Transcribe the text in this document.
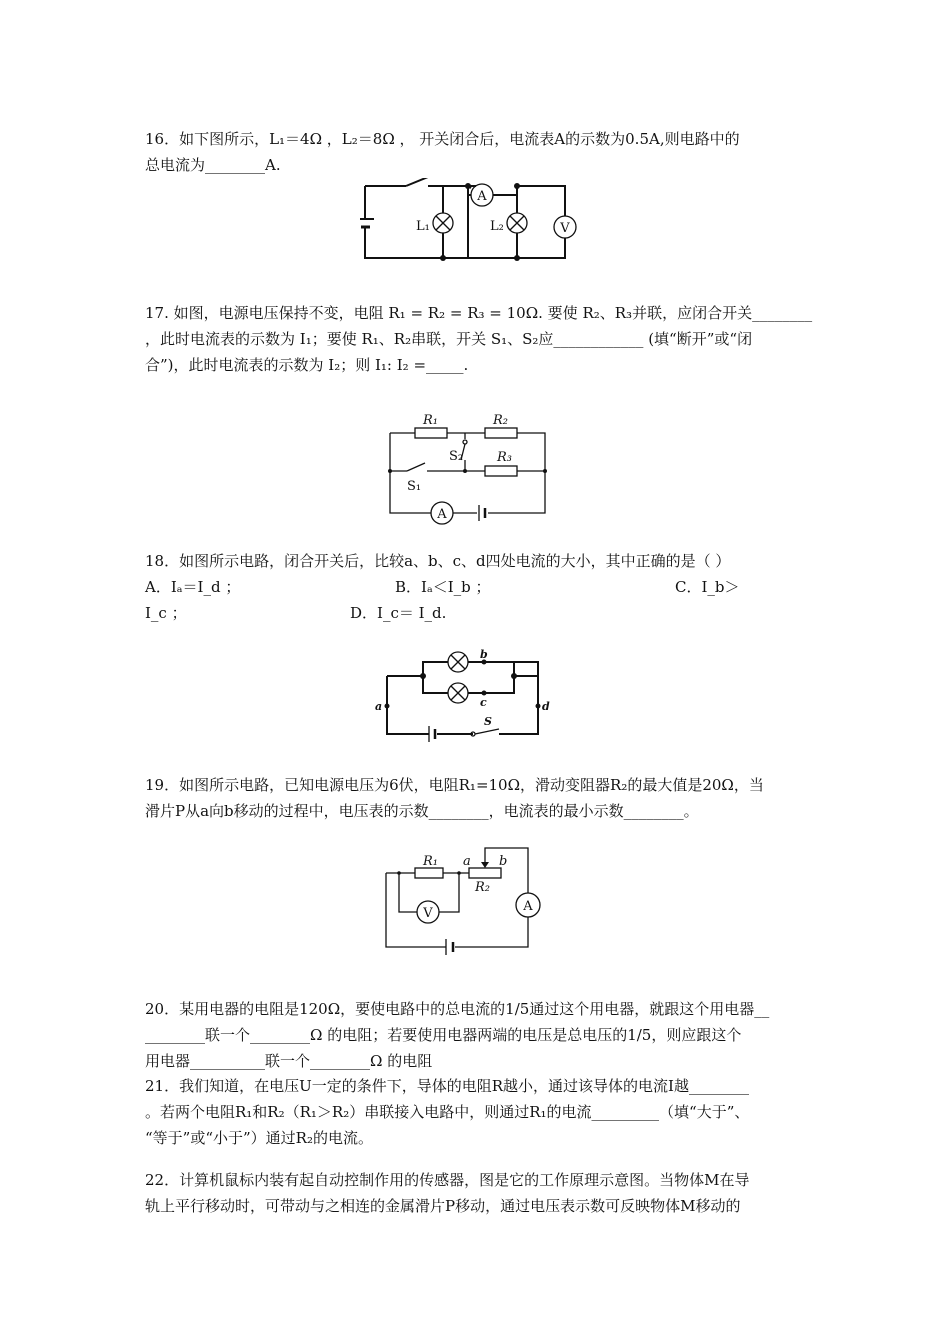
16．如下图所示，L₁＝4Ω ，L₂＝8Ω ， 开关闭合后，电流表A的示数为0.5A,则电路中的

总电流为________A.

A
L₁	L₂	V

17. 如图，电源电压保持不变，电阻 R₁ = R₂ = R₃ = 10Ω. 要使 R₂、R₃并联，应闭合开关________

，此时电流表的示数为 I₁；要使 R₁、R₂串联，开关 S₁、S₂应____________ (填“断开”或“闭

合”)，此时电流表的示数为 I₂；则 I₁: I₂ =_____.

R₁	R₂
S₂	R₃
S₁
A

18．如图所示电路，闭合开关后，比较a、b、c、d四处电流的大小，其中正确的是（ ）

A．Iₐ＝I_d ；	B．Iₐ＜I_b ；	C．I_b＞

I_c ；	D．I_c＝ I_d.

b
c
a	d
S

19．如图所示电路，已知电源电压为6伏，电阻R₁=10Ω，滑动变阻器R₂的最大值是20Ω，当

滑片P从a向b移动的过程中，电压表的示数________，电流表的最小示数________。

R₁
R₂
a b
V	A

20．某用电器的电阻是120Ω，要使电路中的总电流的1/5通过这个用电器，就跟这个用电器__

________联一个________Ω 的电阻；若要使用电器两端的电压是总电压的1/5，则应跟这个

用电器__________联一个________Ω 的电阻

21．我们知道，在电压U一定的条件下，导体的电阻R越小，通过该导体的电流I越________

。若两个电阻R₁和R₂（R₁＞R₂）串联接入电路中，则通过R₁的电流_________（填“大于”、

“等于”或“小于”）通过R₂的电流。

22．计算机鼠标内装有起自动控制作用的传感器，图是它的工作原理示意图。当物体M在导

轨上平行移动时，可带动与之相连的金属滑片P移动，通过电压表示数可反映物体M移动的
